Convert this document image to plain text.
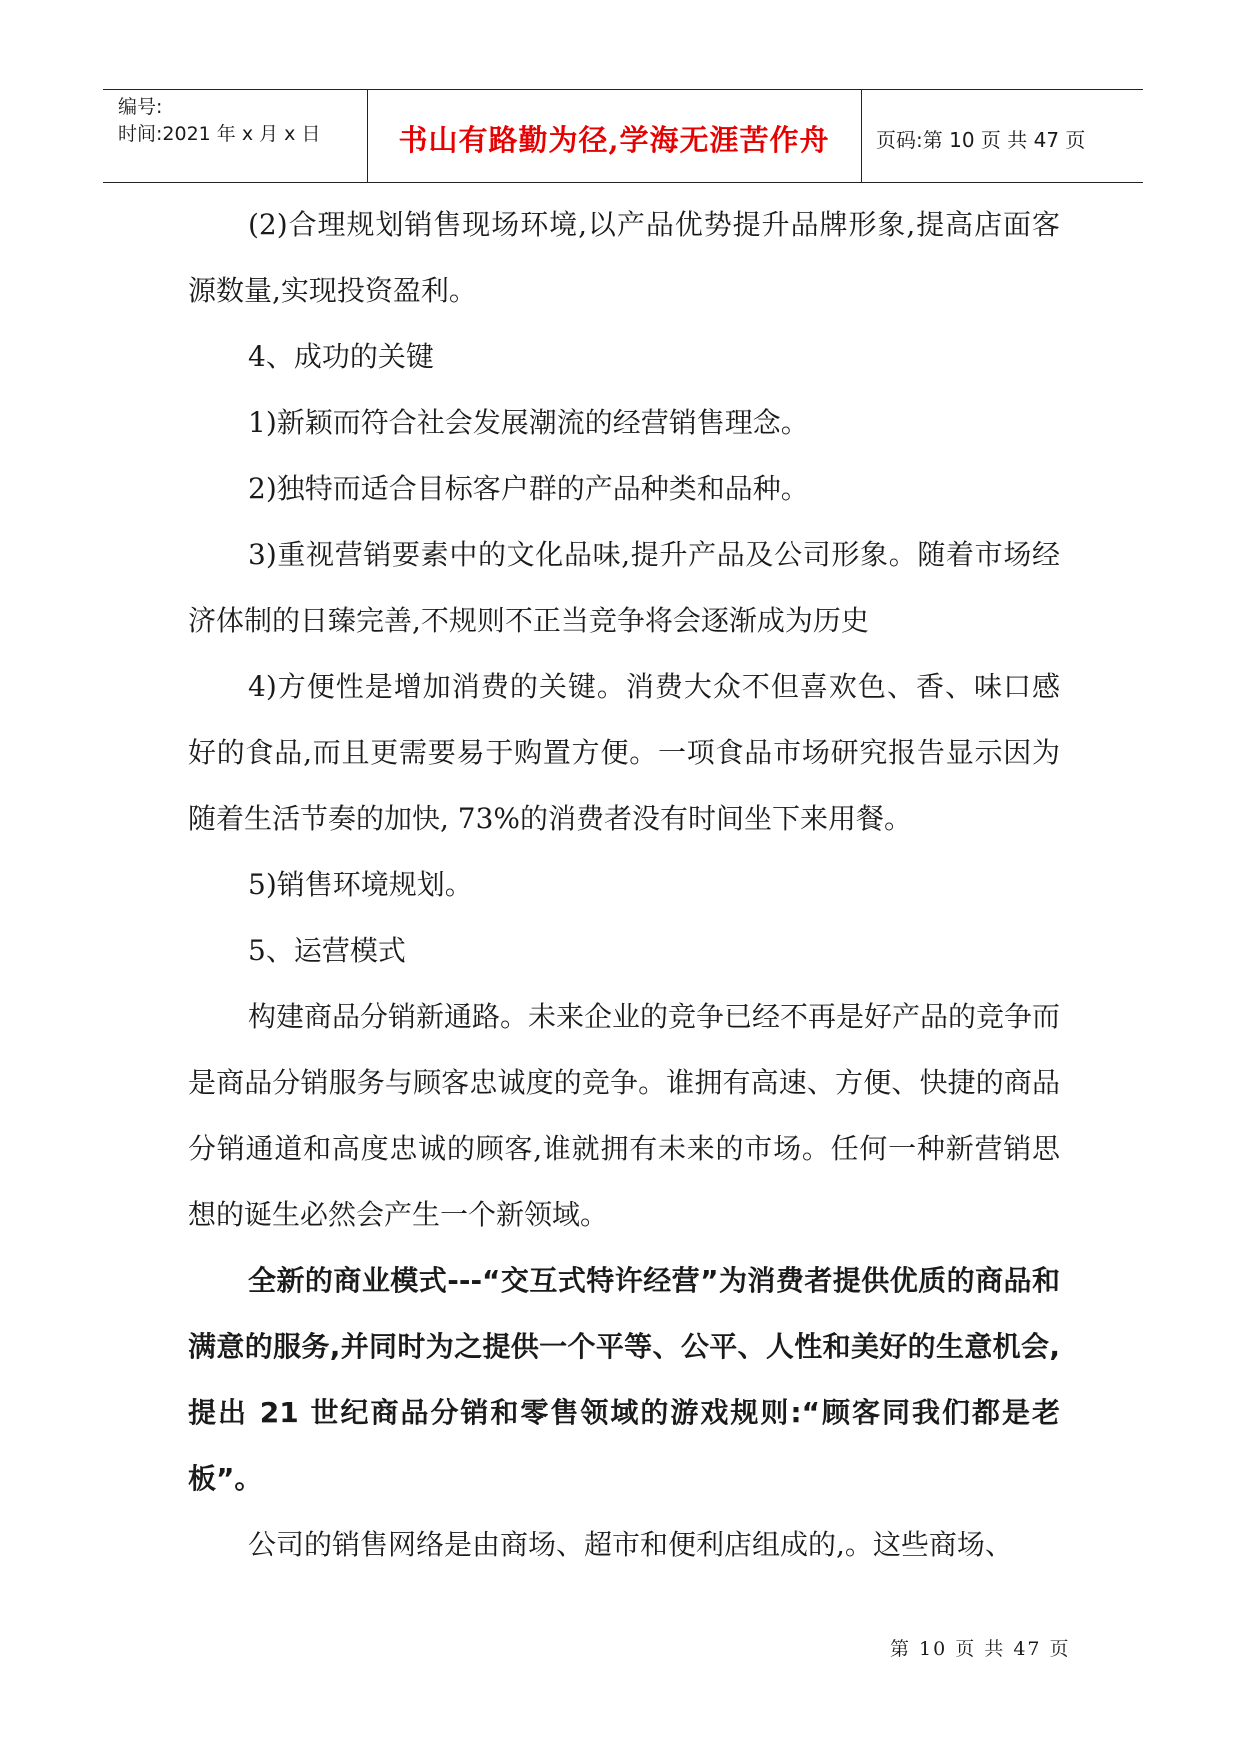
编号:
时间:2021 年 x 月 x 日	书山有路勤为径,学海无涯苦作舟	页码:第 10 页 共 47 页

(2)合理规划销售现场环境,以产品优势提升品牌形象,提高店面客源数量,实现投资盈利。

4、成功的关键

1)新颖而符合社会发展潮流的经营销售理念。

2)独特而适合目标客户群的产品种类和品种。

3)重视营销要素中的文化品味,提升产品及公司形象。随着市场经济体制的日臻完善,不规则不正当竞争将会逐渐成为历史

4)方便性是增加消费的关键。消费大众不但喜欢色、香、味口感好的食品,而且更需要易于购置方便。一项食品市场研究报告显示因为随着生活节奏的加快, 73%的消费者没有时间坐下来用餐。

5)销售环境规划。

5、运营模式

构建商品分销新通路。未来企业的竞争已经不再是好产品的竞争而是商品分销服务与顾客忠诚度的竞争。谁拥有高速、方便、快捷的商品分销通道和高度忠诚的顾客,谁就拥有未来的市场。任何一种新营销思想的诞生必然会产生一个新领域。

全新的商业模式---“交互式特许经营”为消费者提供优质的商品和满意的服务,并同时为之提供一个平等、公平、人性和美好的生意机会,提出 21 世纪商品分销和零售领域的游戏规则:“顾客同我们都是老板”。

公司的销售网络是由商场、超市和便利店组成的,。这些商场、

第 10 页 共 47 页
